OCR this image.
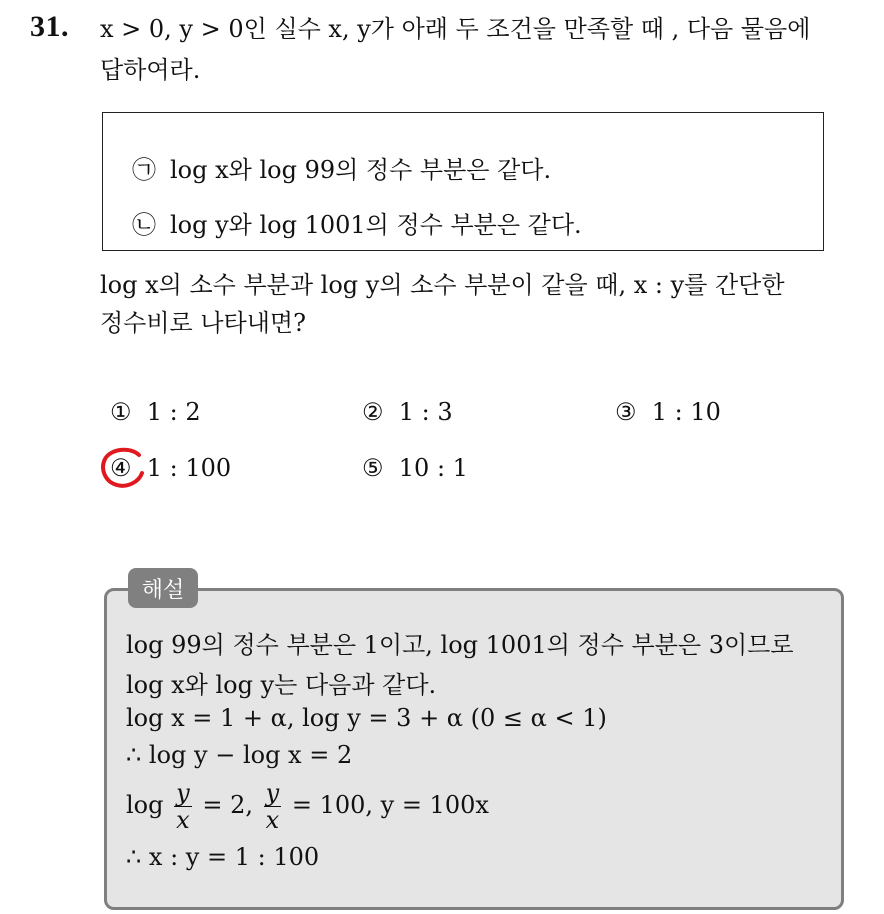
31. x > 0, y > 0인 실수 x, y가 아래 두 조건을 만족할 때 , 다음 물음에
답하여라.
㉠ log x와 log 99의 정수 부분은 같다.
㉡ log y와 log 1001의 정수 부분은 같다.
log x의 소수 부분과 log y의 소수 부분이 같을 때, x : y를 간단한
정수비로 나타내면?
① 1 : 2	② 1 : 3	③ 1 : 10
④ 1 : 100	⑤ 10 : 1
해설
log 99의 정수 부분은 1이고, log 1001의 정수 부분은 3이므로
log x와 log y는 다음과 같다.
log x = 1 + α, log y = 3 + α (0 ≤ α < 1)
∴ log y − log x = 2
$\log \frac{y}{x} = 2$, $\frac{y}{x} = 100$, y = 100x
∴ x : y = 1 : 100
